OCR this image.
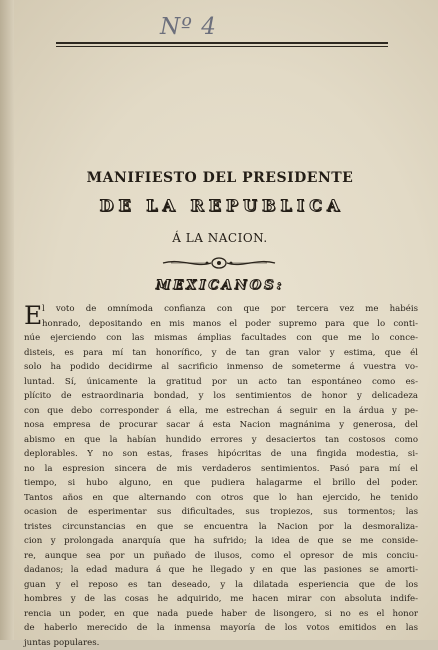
Nº 4
MANIFIESTO DEL PRESIDENTE
DE LA REPUBLICA
Á LA NACION.
MEXICANOS:
E l voto de omnímoda confianza con que por tercera vez me habéis
honrado, depositando en mis manos el poder supremo para que lo conti-
núe ejerciendo con las mismas ámplias facultades con que me lo conce-
disteis, es para mí tan honorífico, y de tan gran valor y estima, que él
solo ha podido decidirme al sacrificio inmenso de someterme á vuestra vo-
luntad. Sí, únicamente la gratitud por un acto tan espontáneo como es-
plícito de estraordinaria bondad, y los sentimientos de honor y delicadeza
con que debo corresponder á ella, me estrechan á seguir en la árdua y pe-
nosa empresa de procurar sacar á esta Nacion magnánima y generosa, del
abismo en que la habían hundido errores y desaciertos tan costosos como
deplorables. Y no son estas, frases hipócritas de una fingida modestia, si-
no la espresion sincera de mis verdaderos sentimientos. Pasó para mí el
tiempo, si hubo alguno, en que pudiera halagarme el brillo del poder.
Tantos años en que alternando con otros que lo han ejercido, he tenido
ocasion de esperimentar sus dificultades, sus tropiezos, sus tormentos; las
tristes circunstancias en que se encuentra la Nacion por la desmoraliza-
cion y prolongada anarquía que ha sufrido; la idea de que se me conside-
re, aunque sea por un puñado de ilusos, como el opresor de mis conciu-
dadanos; la edad madura á que he llegado y en que las pasiones se amorti-
guan y el reposo es tan deseado, y la dilatada esperiencia que de los
hombres y de las cosas he adquirido, me hacen mirar con absoluta indife-
rencia un poder, en que nada puede haber de lisongero, si no es el honor
de haberlo merecido de la inmensa mayoría de los votos emitidos en las
juntas populares.
